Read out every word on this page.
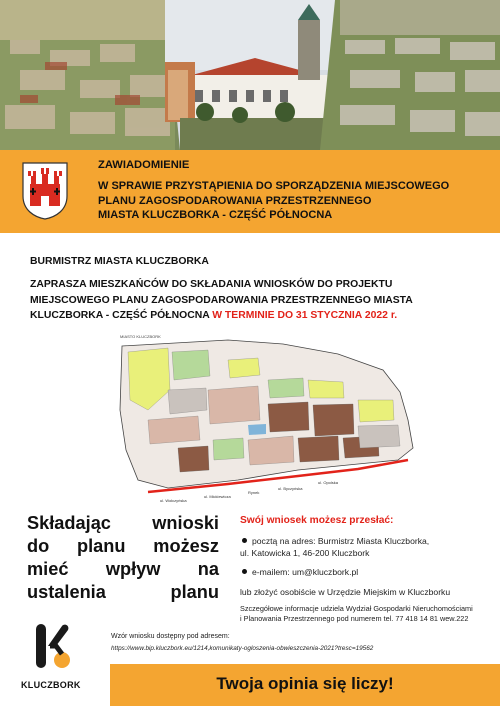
ZAWIADOMIENIE
W SPRAWIE PRZYSTĄPIENIA DO SPORZĄDZENIA MIEJSCOWEGO
PLANU ZAGOSPODAROWANIA PRZESTRZENNEGO
MIASTA KLUCZBORKA - CZĘŚĆ PÓŁNOCNA
BURMISTRZ MIASTA KLUCZBORKA
ZAPRASZA MIESZKAŃCÓW DO SKŁADANIA WNIOSKÓW DO PROJEKTU
MIEJSCOWEGO PLANU ZAGOSPODAROWANIA PRZESTRZENNEGO MIASTA
KLUCZBORKA - CZĘŚĆ PÓŁNOCNA W TERMINIE DO 31 STYCZNIA 2022 r.
MIASTO KLUCZBORK
ul. Wołczyńska
ul. Mickiewicza
Rynek
ul. Byczyńska
ul. Opolska
Składając wnioski
do planu możesz
mieć wpływ na
ustalenia planu
Swój wniosek możesz przesłać:
pocztą na adres: Burmistrz Miasta Kluczborka,
ul. Katowicka 1, 46-200 Kluczbork
e-mailem: um@kluczbork.pl
lub złożyć osobiście w Urzędzie Miejskim w Kluczborku
Szczegółowe informacje udziela Wydział Gospodarki Nieruchomościami
i Planowania Przestrzennego pod numerem tel. 77 418 14 81 wew.222
KLUCZBORK
Wzór wniosku dostępny pod adresem:
https://www.bip.kluczbork.eu/1214,komunikaty-ogloszenia-obwieszczenia-2021?tresc=19562
Twoja opinia się liczy!
